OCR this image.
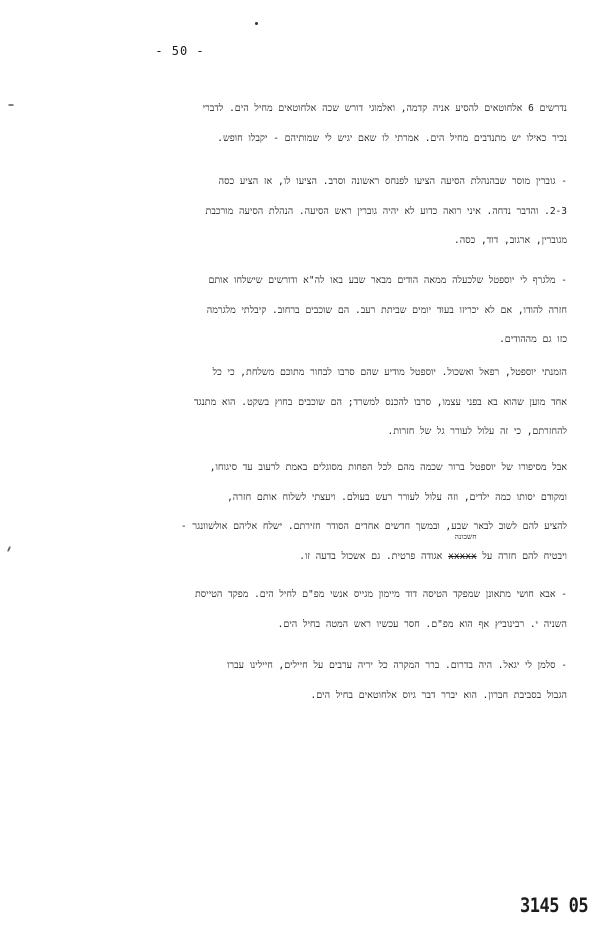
- 50 -
נדרשים 6 אלחוטאים להסיע אניה קדמה, ואלמוגי דורש שכה אלחוטאים מחיל הים. לדברי
נכיר כאילו יש מתנדבים מחיל הים. אמרתי לו שאם יגיש לי שמותיהם - יקבלו חופש.
- גוברין מוסר שבהנהלת הסיעה הציעו לפנחס ראשונה וסרב. הציעו לו, אז הציע כסה
2-3. והדבר נדחה. איני רואה כדוע לא יהיה גוברין ראש הסיעה. הנהלת הסיעה מורכבת
מגוברין, ארגוב, דוד, כסה.
- מלגרף לי יוספטל שלכעלה ממאה הודים מבאר שבע באו לה"א ודורשים שישלחו אותם
חזרה להודו, אם לא יכריזו בעוד יומים שביתת רעב. הם שוכבים ברחוב. קיבלתי מלגרמה
כזו גם מההודים.
הזמנתי יוספטל, רפאל ואשכול. יוספטל מודיע שהם סרבו לבחור מתוכם משלחת, כי כל
אחד מוען שהוא בא בפני עצמו, סרבו להכנס למשרד; הם שוכבים בחוץ בשקט. הוא מתנגד
להחזרתם, כי זה עלול לעורר גל של חזרות.
אבל מסיפורו של יוספטל ברור שכמה מהם לכל הפחות מסוגלים באמת לרעוב עד סיגוחו,
ומקודם יסותו כמה ילדים, וזה עלול לעורר רעש בעולם. ויעצתי לשלוח אותם חזרה,
להציע להם לשוב לבאר שבע, ובמשך חדשים אחדים הסודר חזירתם. ישלח אליהם אולשוונגר -
ויבטיח להם חזרה על
חשבונה
xxxxx אגודה פרטית. גם אשכול בדעה זו.
- אבא חושי מתאונן שמפקד הטיסה דוד מיימון מגייס אנשי מפ"ם לחיל הים. מפקד הטייסת
השניה י. רבינוביץ אף הוא מפ"ם. חסר עכשיו ראש המטה בחיל הים.
- סלמן לי יגאל. היה בדרום. ברר המקרה כל יריה ערבים על חיילים, חיילינו עברו
הגבול בסביבת חברון. הוא יברר דבר גיוס אלחוטאים בחיל הים.
3145 05
